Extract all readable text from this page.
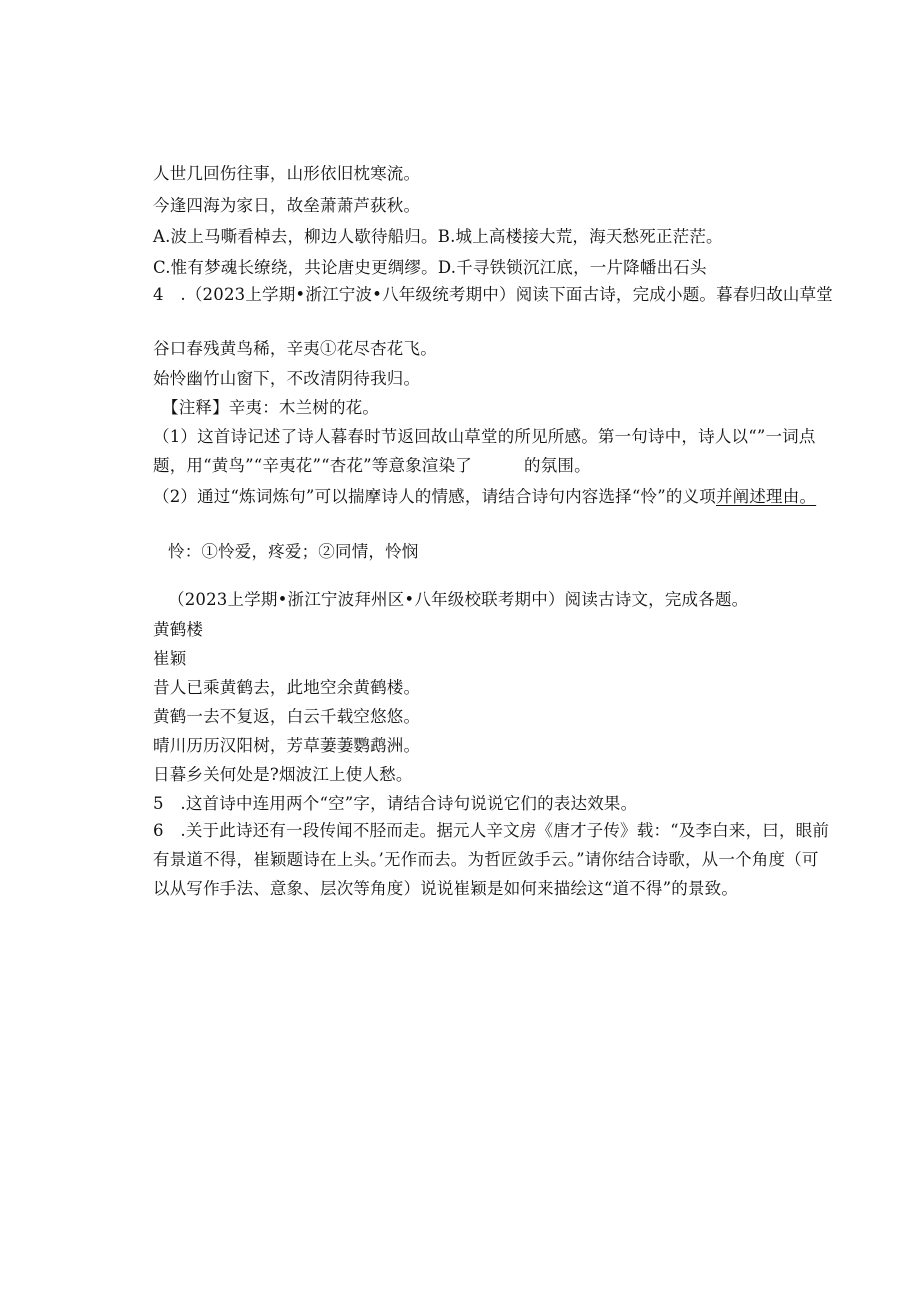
人世几回伤往事，山形依旧枕寒流。
今逢四海为家日，故垒萧萧芦荻秋。
A.波上马嘶看棹去，柳边人歇待船归。B.城上高楼接大荒，海天愁死正茫茫。
C.惟有梦魂长缭绕，共论唐史更绸缪。D.千寻铁锁沉江底，一片降幡出石头
4　.（2023上学期•浙江宁波•八年级统考期中）阅读下面古诗，完成小题。暮春归故山草堂
谷口春残黄鸟稀，辛夷①花尽杏花飞。
始怜幽竹山窗下，不改清阴待我归。
【注释】辛夷：木兰树的花。
（1）这首诗记述了诗人暮春时节返回故山草堂的所见所感。第一句诗中，诗人以“”一词点题，用“黄鸟”“辛夷花”“杏花”等意象渲染了	的氛围。
（2）通过“炼词炼句”可以揣摩诗人的情感，请结合诗句内容选择“怜”的义项并阐述理由。
怜：①怜爱，疼爱；②同情，怜悯
（2023上学期•浙江宁波拜州区•八年级校联考期中）阅读古诗文，完成各题。
黄鹤楼
崔颖
昔人已乘黄鹤去，此地空余黄鹤楼。
黄鹤一去不复返，白云千载空悠悠。
晴川历历汉阳树，芳草萋萋鹦鹉洲。
日暮乡关何处是?烟波江上使人愁。
5　.这首诗中连用两个“空”字，请结合诗句说说它们的表达效果。
6　.关于此诗还有一段传闻不胫而走。据元人辛文房《唐才子传》载：“及李白来，曰，眼前有景道不得，崔颖题诗在上头。’无作而去。为哲匠敛手云。”请你结合诗歌，从一个角度（可以从写作手法、意象、层次等角度）说说崔颖是如何来描绘这“道不得”的景致。
